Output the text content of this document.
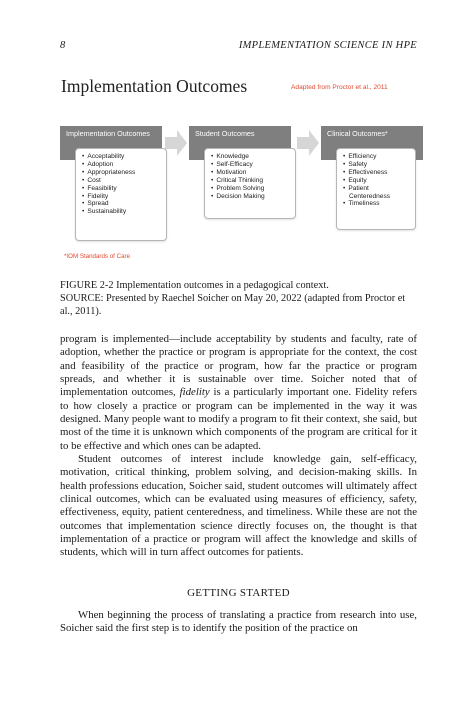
8	IMPLEMENTATION SCIENCE IN HPE
Implementation Outcomes	Adapted from Proctor et al., 2011
Implementation Outcomes
• Acceptability
• Adoption
• Appropriateness
• Cost
• Feasibility
• Fidelity
• Spread
• Sustainability
Student Outcomes
• Knowledge
• Self-Efficacy
• Motivation
• Critical Thinking
• Problem Solving
• Decision Making
Clinical Outcomes*
• Efficiency
• Safety
• Effectiveness
• Equity
• Patient Centeredness
• Timeliness
*IOM Standards of Care

FIGURE 2-2 Implementation outcomes in a pedagogical context.

SOURCE: Presented by Raechel Soicher on May 20, 2022 (adapted from Proctor et al., 2011).

program is implemented—include acceptability by students and faculty, rate of adoption, whether the practice or program is appropriate for the context, the cost and feasibility of the practice or program, how far the practice or program spreads, and whether it is sustainable over time. Soicher noted that of implementation outcomes, fidelity is a particularly important one. Fidelity refers to how closely a practice or program can be implemented in the way it was designed. Many people want to modify a program to fit their context, she said, but most of the time it is unknown which components of the program are critical for it to be effective and which ones can be adapted.

Student outcomes of interest include knowledge gain, self-efficacy, motivation, critical thinking, problem solving, and decision-making skills. In health professions education, Soicher said, student outcomes will ultimately affect clinical outcomes, which can be evaluated using measures of efficiency, safety, effectiveness, equity, patient centeredness, and timeliness. While these are not the outcomes that implementation science directly focuses on, the thought is that implementation of a practice or program will affect the knowledge and skills of students, which will in turn affect outcomes for patients.

GETTING STARTED

When beginning the process of translating a practice from research into use, Soicher said the first step is to identify the position of the practice on
